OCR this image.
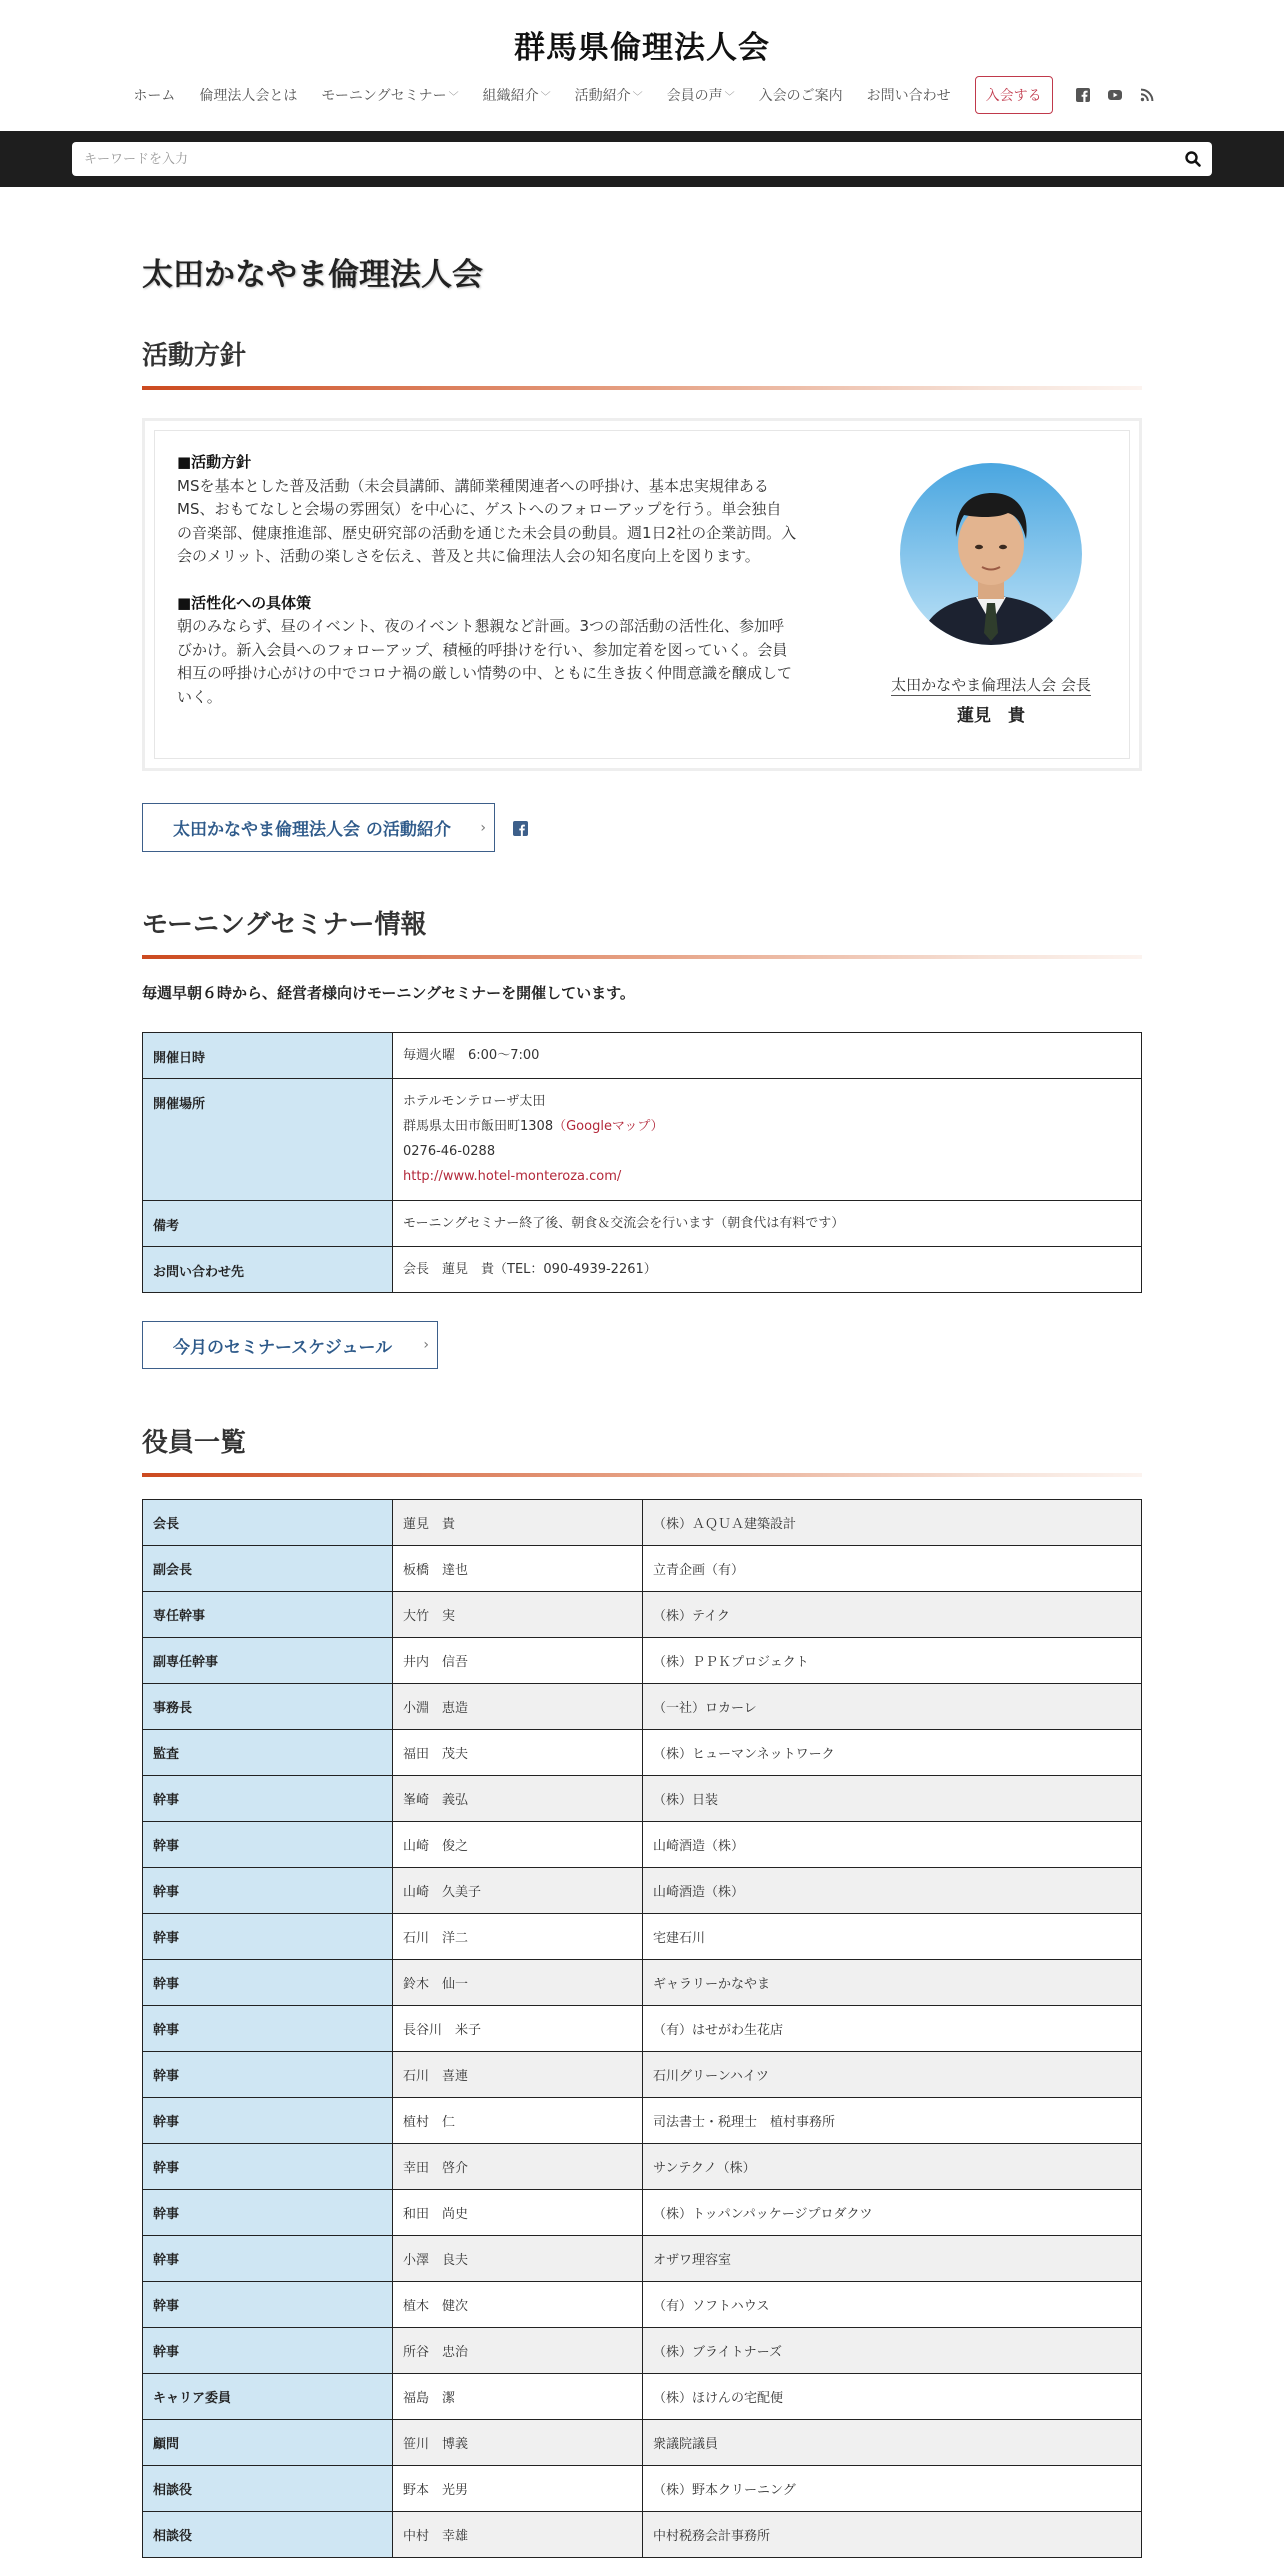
群馬県倫理法人会
ホーム 倫理法人会とは モーニングセミナー ﹀ 組織紹介 ﹀ 活動紹介 ﹀ 会員の声 ﹀ 入会のご案内 お問い合わせ	入会する
キーワードを入力
太田かなやま倫理法人会
活動方針

■活動方針

MSを基本とした普及活動（未会員講師、講師業種関連者への呼掛け、基本忠実規律ある

MS、おもてなしと会場の雰囲気）を中心に、ゲストへのフォローアップを行う。単会独自

の音楽部、健康推進部、歴史研究部の活動を通じた未会員の動員。週1日2社の企業訪問。入

会のメリット、活動の楽しさを伝え、普及と共に倫理法人会の知名度向上を図ります。

■活性化への具体策

朝のみならず、昼のイベント、夜のイベント懇親など計画。3つの部活動の活性化、参加呼

びかけ。新入会員へのフォローアップ、積極的呼掛けを行い、参加定着を図っていく。会員

相互の呼掛け心がけの中でコロナ禍の厳しい情勢の中、ともに生き抜く仲間意識を醸成して

いく。

太田かなやま倫理法人会 会長
蓮見　貴
太田かなやま倫理法人会 の活動紹介 ›
モーニングセミナー情報
毎週早朝６時から、経営者様向けモーニングセミナーを開催しています。
開催日時	毎週火曜　6:00～7:00
開催場所	ホテルモンテローザ太田
群馬県太田市飯田町1308（Googleマップ）
0276-46-0288
http://www.hotel-monteroza.com/

備考	モーニングセミナー終了後、朝食＆交流会を行います（朝食代は有料です）
お問い合わせ先	会長　蓮見　貴（TEL：090-4939-2261）
今月のセミナースケジュール ›
役員一覧
会長	蓮見　貴	（株）ＡＱＵＡ建築設計
副会長	板橋　達也	立青企画（有）
専任幹事	大竹　実	（株）テイク
副専任幹事	井内　信吾	（株）ＰＰＫプロジェクト
事務長	小淵　恵造	（一社）ロカーレ
監査	福田　茂夫	（株）ヒューマンネットワーク
幹事	峯崎　義弘	（株）日装
幹事	山崎　俊之	山崎酒造（株）
幹事	山崎　久美子	山崎酒造（株）
幹事	石川　洋二	宅建石川
幹事	鈴木　仙一	ギャラリーかなやま
幹事	長谷川　米子	（有）はせがわ生花店
幹事	石川　喜連	石川グリーンハイツ
幹事	植村　仁	司法書士・税理士　植村事務所
幹事	幸田　啓介	サンテクノ（株）
幹事	和田　尚史	（株）トッパンパッケージプロダクツ
幹事	小澤　良夫	オザワ理容室
幹事	植木　健次	（有）ソフトハウス
幹事	所谷　忠治	（株）ブライトナーズ
キャリア委員	福島　潔	（株）ほけんの宅配便
顧問	笹川　博義	衆議院議員
相談役	野本　光男	（株）野本クリーニング
相談役	中村　幸雄	中村税務会計事務所
